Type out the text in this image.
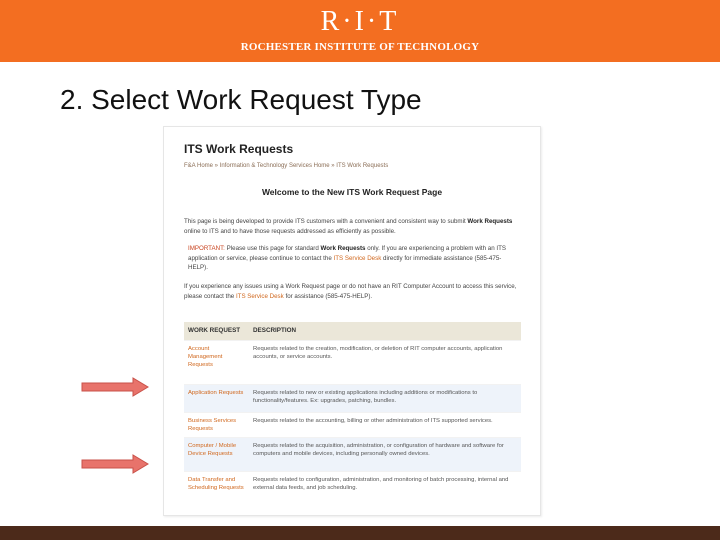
R·I·T
ROCHESTER INSTITUTE OF TECHNOLOGY
2. Select Work Request Type
ITS Work Requests
F&A Home » Information & Technology Services Home » ITS Work Requests
Welcome to the New ITS Work Request Page
This page is being developed to provide ITS customers with a convenient and consistent way to submit Work Requests online to ITS and to have those requests addressed as efficiently as possible.
IMPORTANT: Please use this page for standard Work Requests only. If you are experiencing a problem with an ITS application or service, please continue to contact the ITS Service Desk directly for immediate assistance (585-475-HELP).
If you experience any issues using a Work Request page or do not have an RIT Computer Account to access this service, please contact the ITS Service Desk for assistance (585-475-HELP).
WORK REQUEST	DESCRIPTION
Account Management Requests	Requests related to the creation, modification, or deletion of RIT computer accounts, application accounts, or service accounts.
Application Requests	Requests related to new or existing applications including additions or modifications to functionality/features. Ex: upgrades, patching, bundles.
Business Services Requests	Requests related to the accounting, billing or other administration of ITS supported services.
Computer / Mobile Device Requests	Requests related to the acquisition, administration, or configuration of hardware and software for computers and mobile devices, including personally owned devices.
Data Transfer and Scheduling Requests	Requests related to configuration, administration, and monitoring of batch processing, internal and external data feeds, and job scheduling.
